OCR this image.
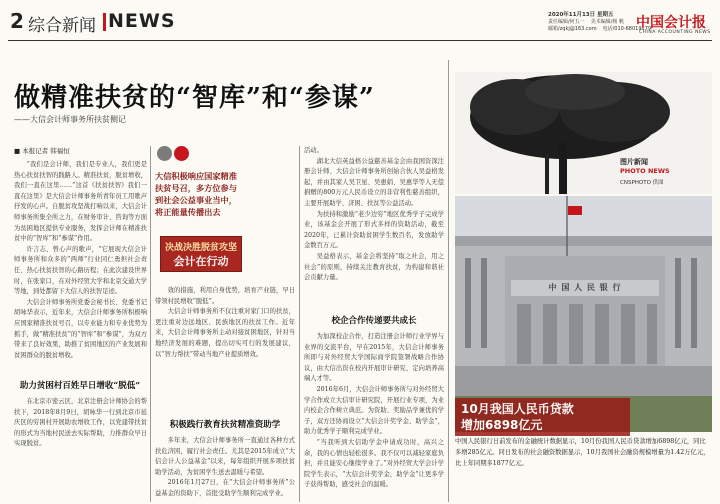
2 综合新闻 NEWS	2020年11月13日 星期五
责任编辑/何五一 美术编辑/杨 帆
邮箱/zqkj@163.com 电话/010-68019179
中国会计报
CHINA ACCOUNTING NEWS
做精准扶贫的“智库”和“参谋”
——大信会计师事务所扶贫侧记
■ 本报记者 韩福恒

“我们是会计师，我们是专业人，我们更是热心扶贫扶智的践路人。精准扶贫，脱贫增收，我们一直在这里……”这首《扶贫扶智》我们一直在这里》是大信会计师事务所青年员工用歌声抒发的心声。自脱贫攻坚战打响以来，大信会计师事务所集全所之力，在财务审计、咨询等方面为贫困地区提供专业服务，发挥会计师在精准扶贫中的“智库”和“参谋”作用。

许言志、曾心声的歌声，“它展现大信会计师事务所和众多的“两师”行业同仁勇担社会责任、热心扶贫扶智的心路历程；在此次建设世界时，在张家口，在对外经贸大学和北京交通大学等地，到处都留下大信人的扶智足迹。

大信会计师事务所党委会秘书长、党委书记胡咏华表示，近年来，大信会计师事务所积极响应国家精准扶贫号召，以专业能力和专业优势为抓手，做“精准扶贫”的“智库”和“参谋”，为双方带来了良好效果，助推了贫困地区的产业发展和贫困群众的脱贫增收。

助力贫困村百姓早日增收“脱低”

在北京市密云区，北京注册会计师协会的帮扶下，2018年8月9日，胡咏华一行到北京市延庆区的穷困村开展助农增收工作，以党建带扶贫的形式为当地村民送去实际帮助，力推群众早日实现脱贫。

大信积极响应国家精准扶贫号召，多方位参与到社会公益事业当中，将正能量传播出去
决战决胜脱贫攻坚
会计在行动

效的措施，利用自身优势，培育产业链，早日带领村民增收“脱低”。

大信会计师事务所不仅注重对家门口的扶贫，更注重对边远地区、民族地区的扶贫工作。近年来，大信会计师事务所主动对接贫困地区，针对当地经济发展的难题，提出切实可行的发展建议，以“智力帮扶”带动当地产业提质增效。

积极践行教育扶贫精准资助学

多年来，大信会计师事务所一直通过各种方式扶危济困，履行社会责任。尤其是2015年成立“大信会计人公益基金”以来，每年组织开展多项扶贫助学活动，为贫困学生送去温暖与希望。

2016年1月27日，在“大信会计师事务所”公益基金的资助下，首批受助学生顺利完成学业。

活动。

湖北大信英益格公益慈善基金会由我国资深注册会计师、大信会计师事务所创始合伙人吴益格发起，并由其家人吴卫星、吴惠娟、吴惠华等人无偿捐赠的800万元人民币设立的非营利性慈善组织，主要开展助学、济困、扶贫等公益活动。

为扶持和激励“老少边穷”地区优秀学子完成学业，该基金会开展了形式多样的资助活动，截至2020年，已累计资助贫困学生数百名，发放助学金数百万元。

吴益格表示，基金会将坚持“取之社会，用之社会”的原则，持续关注教育扶贫，为构建和谐社会贡献力量。

校企合作传递要共成长

为加深校企合作，打造注册会计师行业学界与业界的交流平台，早在2015年，大信会计师事务所即与对外经贸大学国际商学院签署战略合作协议，由大信出资在校内开展审计研究、定向培养高端人才等。

2016年6月，大信会计师事务所与对外经贸大学合作成立大信审计研究院，开展行业专项，为业内校企合作树立典范。为资助、奖励品学兼优的学子，双方还协商设立“大信会计奖学金、助学金”，助力优秀学子顺利完成学业。

“当我听到大信助学金申请成功时，高兴之余，我的心情也轻松很多。我不仅可以减轻家庭负担，并且能安心继续学业了。”对外经贸大学会计学院学生表示，“大信会计奖学金，助学金”让更多学子获得帮助，感受社会的温暖。

图片新闻
PHOTO NEWS
CNSPHOTO 供图
中 国 人 民 银 行
10月我国人民币贷款
增加6898亿元
中国人民银行日前发布的金融统计数据显示，10月份我国人民币贷款增加6898亿元，同比多增285亿元。同日发布的社会融资数据显示，10月我国社会融资规模增量为1.42万亿元，比上年同期多1877亿元。
